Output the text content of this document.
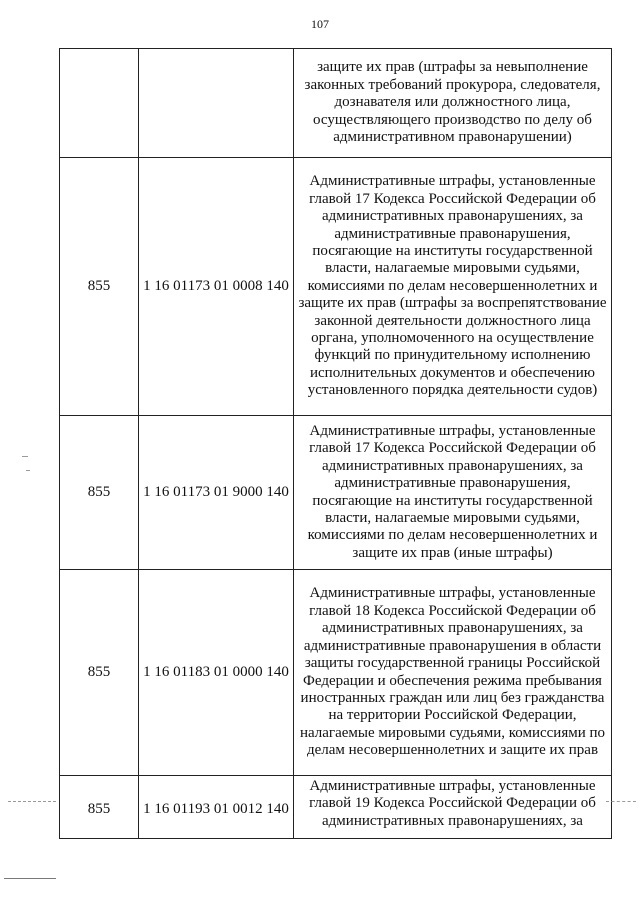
107

		защите их прав (штрафы за невыполнение законных требований прокурора, следователя, дознавателя или должностного лица, осуществляющего производство по делу об административном правонарушении)

855	1 16 01173 01 0008 140	Административные штрафы, установленные главой 17 Кодекса Российской Федерации об административных правонарушениях, за административные правонарушения, посягающие на институты государственной власти, налагаемые мировыми судьями, комиссиями по делам несовершеннолетних и защите их прав (штрафы за воспрепятствование законной деятельности должностного лица органа, уполномоченного на осуществление функций по принудительному исполнению исполнительных документов и обеспечению установленного порядка деятельности судов)

855	1 16 01173 01 9000 140	Административные штрафы, установленные главой 17 Кодекса Российской Федерации об административных правонарушениях, за административные правонарушения, посягающие на институты государственной власти, налагаемые мировыми судьями, комиссиями по делам несовершеннолетних и защите их прав (иные штрафы)

855	1 16 01183 01 0000 140	Административные штрафы, установленные главой 18 Кодекса Российской Федерации об административных правонарушениях, за административные правонарушения в области защиты государственной границы Российской Федерации и обеспечения режима пребывания иностранных граждан или лиц без гражданства на территории Российской Федерации, налагаемые мировыми судьями, комиссиями по делам несовершеннолетних и защите их прав

855	1 16 01193 01 0012 140	Административные штрафы, установленные главой 19 Кодекса Российской Федерации об административных правонарушениях, за
